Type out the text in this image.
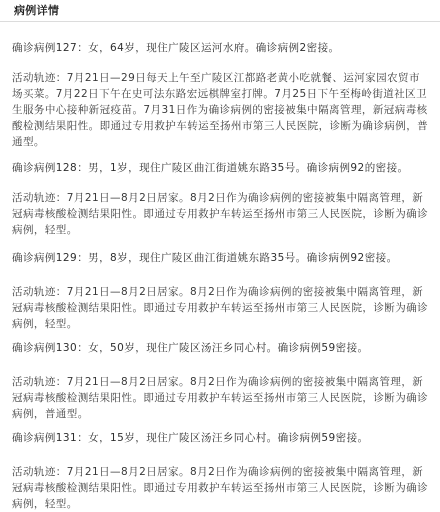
病例详情
确诊病例127：女，64岁，现住广陵区运河水府。确诊病例2密接。
活动轨迹：7月21日—29日每天上午至广陵区江都路老黄小吃就餐、运河家园农贸市场买菜。7月22日下午在史可法东路宏远棋牌室打牌。7月25日下午至梅岭街道社区卫生服务中心接种新冠疫苗。7月31日作为确诊病例的密接被集中隔离管理，新冠病毒核酸检测结果阳性。即通过专用救护车转运至扬州市第三人民医院，诊断为确诊病例，普通型。
确诊病例128：男，1岁，现住广陵区曲江街道姚东路35号。确诊病例92的密接。
活动轨迹：7月21日—8月2日居家。8月2日作为确诊病例的密接被集中隔离管理，新冠病毒核酸检测结果阳性。即通过专用救护车转运至扬州市第三人民医院，诊断为确诊病例，轻型。
确诊病例129：男，8岁，现住广陵区曲江街道姚东路35号。确诊病例92密接。
活动轨迹：7月21日—8月2日居家。8月2日作为确诊病例的密接被集中隔离管理，新冠病毒核酸检测结果阳性。即通过专用救护车转运至扬州市第三人民医院，诊断为确诊病例，轻型。
确诊病例130：女，50岁，现住广陵区汤汪乡同心村。确诊病例59密接。
活动轨迹：7月21日—8月2日居家。8月2日作为确诊病例的密接被集中隔离管理，新冠病毒核酸检测结果阳性。即通过专用救护车转运至扬州市第三人民医院，诊断为确诊病例，普通型。
确诊病例131：女，15岁，现住广陵区汤汪乡同心村。确诊病例59密接。
活动轨迹：7月21日—8月2日居家。8月2日作为确诊病例的密接被集中隔离管理，新冠病毒核酸检测结果阳性。即通过专用救护车转运至扬州市第三人民医院，诊断为确诊病例，轻型。
